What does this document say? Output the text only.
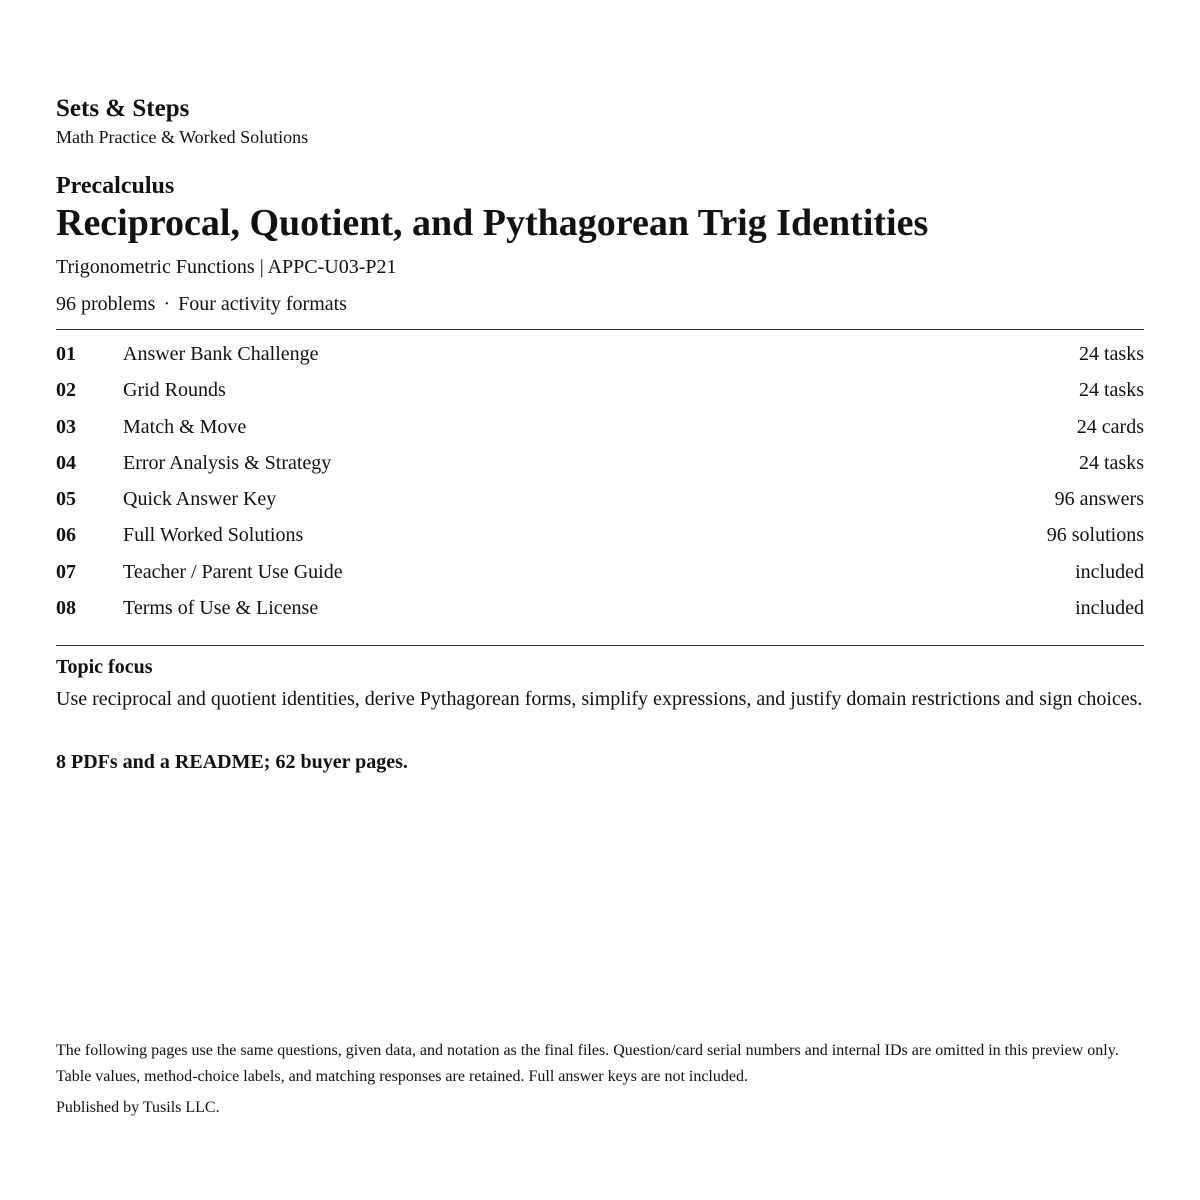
Sets & Steps
Math Practice & Worked Solutions
Precalculus
Reciprocal, Quotient, and Pythagorean Trig Identities
Trigonometric Functions | APPC-U03-P21
96 problems · Four activity formats
01 Answer Bank Challenge	24 tasks
02 Grid Rounds	24 tasks
03 Match & Move	24 cards
04 Error Analysis & Strategy	24 tasks
05 Quick Answer Key	96 answers
06 Full Worked Solutions	96 solutions
07 Teacher / Parent Use Guide	included
08 Terms of Use & License	included
Topic focus
Use reciprocal and quotient identities, derive Pythagorean forms, simplify expressions, and justify domain restrictions and sign choices.
8 PDFs and a README; 62 buyer pages.
The following pages use the same questions, given data, and notation as the final files. Question/card serial numbers and internal IDs are omitted in this preview only. Table values, method-choice labels, and matching responses are retained. Full answer keys are not included.
Published by Tusils LLC.
